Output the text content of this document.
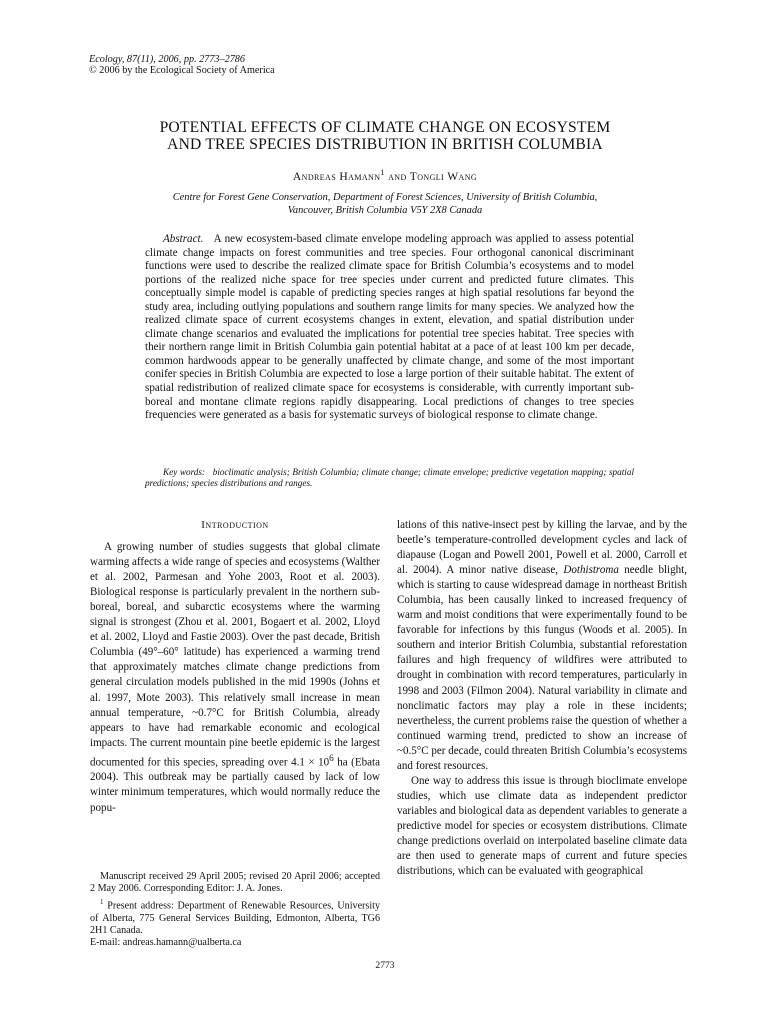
Ecology, 87(11), 2006, pp. 2773–2786
© 2006 by the Ecological Society of America
POTENTIAL EFFECTS OF CLIMATE CHANGE ON ECOSYSTEM
AND TREE SPECIES DISTRIBUTION IN BRITISH COLUMBIA
Andreas Hamann$^1$ and Tongli Wang
Centre for Forest Gene Conservation, Department of Forest Sciences, University of British Columbia,
Vancouver, British Columbia V5Y 2X8 Canada

Abstract. A new ecosystem-based climate envelope modeling approach was applied to assess potential climate change impacts on forest communities and tree species. Four orthogonal canonical discriminant functions were used to describe the realized climate space for British Columbia’s ecosystems and to model portions of the realized niche space for tree species under current and predicted future climates. This conceptually simple model is capable of predicting species ranges at high spatial resolutions far beyond the study area, including outlying populations and southern range limits for many species. We analyzed how the realized climate space of current ecosystems changes in extent, elevation, and spatial distribution under climate change scenarios and evaluated the implications for potential tree species habitat. Tree species with their northern range limit in British Columbia gain potential habitat at a pace of at least 100 km per decade, common hardwoods appear to be generally unaffected by climate change, and some of the most important conifer species in British Columbia are expected to lose a large portion of their suitable habitat. The extent of spatial redistribution of realized climate space for ecosystems is considerable, with currently important sub-boreal and montane climate regions rapidly disappearing. Local predictions of changes to tree species frequencies were generated as a basis for systematic surveys of biological response to climate change.

Key words: bioclimatic analysis; British Columbia; climate change; climate envelope; predictive vegetation mapping; spatial predictions; species distributions and ranges.

Introduction

A growing number of studies suggests that global climate warming affects a wide range of species and ecosystems (Walther et al. 2002, Parmesan and Yohe 2003, Root et al. 2003). Biological response is particularly prevalent in the northern sub-boreal, boreal, and subarctic ecosystems where the warming signal is strongest (Zhou et al. 2001, Bogaert et al. 2002, Lloyd et al. 2002, Lloyd and Fastie 2003). Over the past decade, British Columbia (49°–60° latitude) has experienced a warming trend that approximately matches climate change predictions from general circulation models published in the mid 1990s (Johns et al. 1997, Mote 2003). This relatively small increase in mean annual temperature, ~0.7°C for British Columbia, already appears to have had remarkable economic and ecological impacts. The current mountain pine beetle epidemic is the largest documented for this species, spreading over $4.1 \times 10^6$ ha (Ebata 2004). This outbreak may be partially caused by lack of low winter minimum temperatures, which would normally reduce the popu-

lations of this native-insect pest by killing the larvae, and by the beetle’s temperature-controlled development cycles and lack of diapause (Logan and Powell 2001, Powell et al. 2000, Carroll et al. 2004). A minor native disease, Dothistroma needle blight, which is starting to cause widespread damage in northeast British Columbia, has been causally linked to increased frequency of warm and moist conditions that were experimentally found to be favorable for infections by this fungus (Woods et al. 2005). In southern and interior British Columbia, substantial reforestation failures and high frequency of wildfires were attributed to drought in combination with record temperatures, particularly in 1998 and 2003 (Filmon 2004). Natural variability in climate and nonclimatic factors may play a role in these incidents; nevertheless, the current problems raise the question of whether a continued warming trend, predicted to show an increase of ~0.5°C per decade, could threaten British Columbia’s ecosystems and forest resources.

One way to address this issue is through bioclimate envelope studies, which use climate data as independent predictor variables and biological data as dependent variables to generate a predictive model for species or ecosystem distributions. Climate change predictions overlaid on interpolated baseline climate data are then used to generate maps of current and future species distributions, which can be evaluated with geographical

Manuscript received 29 April 2005; revised 20 April 2006; accepted 2 May 2006. Corresponding Editor: J. A. Jones.
$^1$ Present address: Department of Renewable Resources, University of Alberta, 775 General Services Building, Edmonton, Alberta, TG6 2H1 Canada.
E-mail: andreas.hamann@ualberta.ca
2773
